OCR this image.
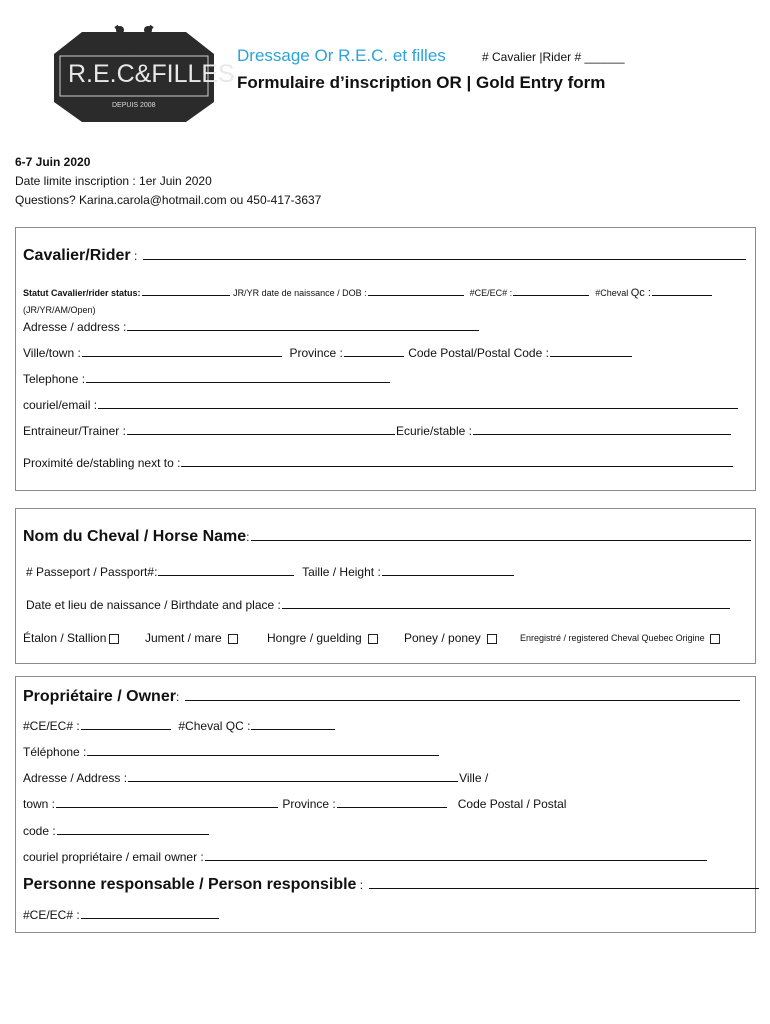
R.E.C&FILLES
DEPUIS 2008
Dressage Or R.E.C. et filles	# Cavalier |Rider # ______
Formulaire d’inscription OR | Gold Entry form
6-7 Juin 2020
Date limite inscription : 1er Juin 2020
Questions? Karina.carola@hotmail.com ou 450-417-3637
Cavalier/Rider :
Statut Cavalier/rider status:	JR/YR date de naissance / DOB :	#CE/EC# :	#Cheval Qc :
(JR/YR/AM/Open)
Adresse / address :
Ville/town :	Province :	Code Postal/Postal Code :
Telephone :
couriel/email :
Entraineur/Trainer :	Ecurie/stable :
Proximité de/stabling next to :
Nom du Cheval / Horse Name:
# Passeport / Passport#:	Taille / Height :
Date et lieu de naissance / Birthdate and place :
Étalon / Stallion	Jument / mare	Hongre / guelding	Poney / poney	Enregistré / registered Cheval Quebec Origine
Propriétaire / Owner:
#CE/EC# :	#Cheval QC :
Téléphone :
Adresse / Address :	Ville /
town :	Province :	Code Postal / Postal
code :
couriel propriétaire / email owner :
Personne responsable / Person responsible :
#CE/EC# :
